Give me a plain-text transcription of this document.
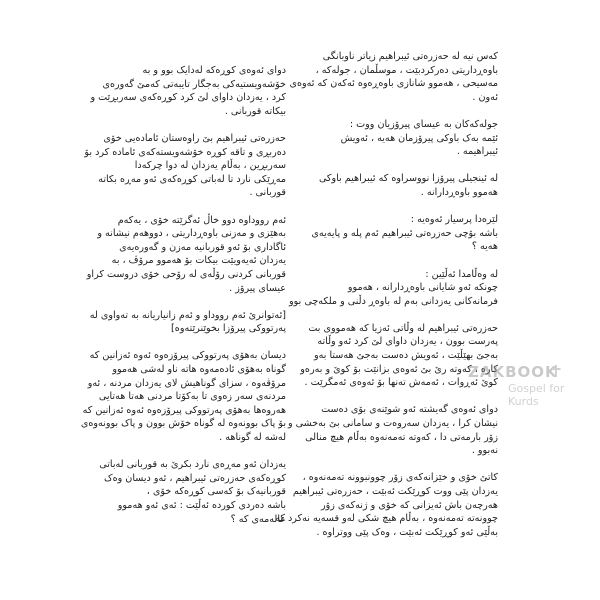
دوای ئەوەی کوڕەکە لەدایک بوو و بە
خۆشەویستیەکی بەجگار تایبەتی کەمێ گەورەی
کرد ، یەزدان داوای لێ کرد کوڕەکەی سەربڕێت و
بیکاتە قوربانی .

حەزرەتی ئیبراهیم بێ راوەستان ئامادەیی خۆی
دەربڕی و تاقە کوڕە خۆشەویستەکەی ئامادە کرد بۆ
سەربڕین ، بەڵام یەزدان لە دوا چرکەدا
مەڕێکی نارد تا لەباتی کوڕەکەی ئەو مەڕە بکاتە
قوربانی .

ئەم رووداوە دوو خاڵ ئەگرێتە خۆی ، یەکەم
بەهێزی و مەزنی باوەڕداریتی ، دووهەم نیشانە و
ئاگاداری بۆ ئەو قوربانیە مەزن و گەورەیەی
یەزدان ئەیەویێت بیکات بۆ هەموو مرۆڤ ، بە
قوربانی کردنی رۆڵەی لە رۆحی خۆی دروست کراو
عیسای پیرۆز .

[ئەتوانرێ ئەم رووداو و ئەم زانیاریانە بە تەواوی لە
پەرتووکی پیرۆزا بخوێنرێتەوە]

دیسان بەهۆی پەرتووکی پیرۆزەوە ئەوە ئەزانین کە
گوناه بەهۆی ئادەمەوە هاتە ناو لەشی هەموو
مرۆڤەوە ، سزای گوناهیش لای یەزدان مردنە ، ئەو
مردنەی سەر زەوی تا بەکۆتا مردنی هەتا هەتایی
هەروەها بەهۆی پەرتووکی پیرۆزەوە ئەوە ئەزانین کە
بۆ پاک بوونەوە لە گوناه خۆش بوون و پاک بوونەوەی
لەشە لە گوناهە .

یەزدان ئەو مەڕەی نارد بکرێ بە قوربانی لەباتی
کوڕەکەی حەزرەتی ئیبراهیم ، ئەو دیسان وەک
قوربانیەک بۆ کەسی کوڕەکە خۆی ،
باشە دەردی کوردە ئەڵێت : ئەی ئەو هەموو
عالەمەی کە ؟

کەس نیە لە حەزرەتی ئیبراهیم زیاتر ناوبانگی
باوەڕداریتی دەرکردبێت ، موسڵمان ، جولەکە ،
مەسیحی ، هەموو شانازی باوەڕەوە ئەکەن کە ئەوەی
ئەون .

جولەکەکان بە عیسای پیرۆزیان ووت :
ئێمە بەک باوکی پیرۆزمان هەیە ، ئەویش
ئیبراهیمە .

لە ئینجیلی پیرۆزا نووسراوە کە ئیبراهیم باوکی
هەموو باوەڕدارانە .

لێرەدا پرسیار ئەوەیە :
باشە بۆچی حەزرەتی ئیبراهیم ئەم پلە و پایەیەی
هەیە ؟

لە وەڵامدا ئەڵێین :
چونکە ئەو شایانی باوەڕدارانە ، هەموو
فرمانەکانی یەزدانی بەم لە باوەڕ دڵنی و ملکەچی بوو

حەزرەتی ئیبراهیم لە وڵاتی ئەزیا کە هەمووی بت
پەرست بوون ، یەزدان داوای لێ کرد ئەو وڵاتە
بەجێ بهێڵێت ، ئەویش دەست بەجێ هەستا بەو
کارە ، کەوتە رێ بێ ئەوەی بزانێت بۆ کوێ و بەرەو
کوێ ئەڕوات ، ئەمەش تەنها بۆ ئەوەی ئەمگرێت .

دوای ئەوەی گەیشتە ئەو شوێنەی بۆی دەست
نیشان کرا ، یەزدان سەروەت و سامانی بێ بەخشی و
زۆر بارمەتی دا ، کەوتە تەمەنەوە بەڵام هیچ منالی
نەبوو .

کاتێ خۆی و خێزانەکەی زۆر چوونبوونە تەمەنەوە ،
یەزدان پێی ووت کوڕێکت ئەبێت ، حەزرەتی ئیبراهیم
هەرچەن باش ئەیزانی کە خۆی و ژنەکەی زۆر
چوونەتە تەمەنەوە ، بەڵام هیچ شکی لەو قسەیە نەکرد کە
بەڵێی ئەو کوڕێکت ئەبێت ، وەک پێی ووتراوە .

ZAKBOOK
Gospel for Kurds
